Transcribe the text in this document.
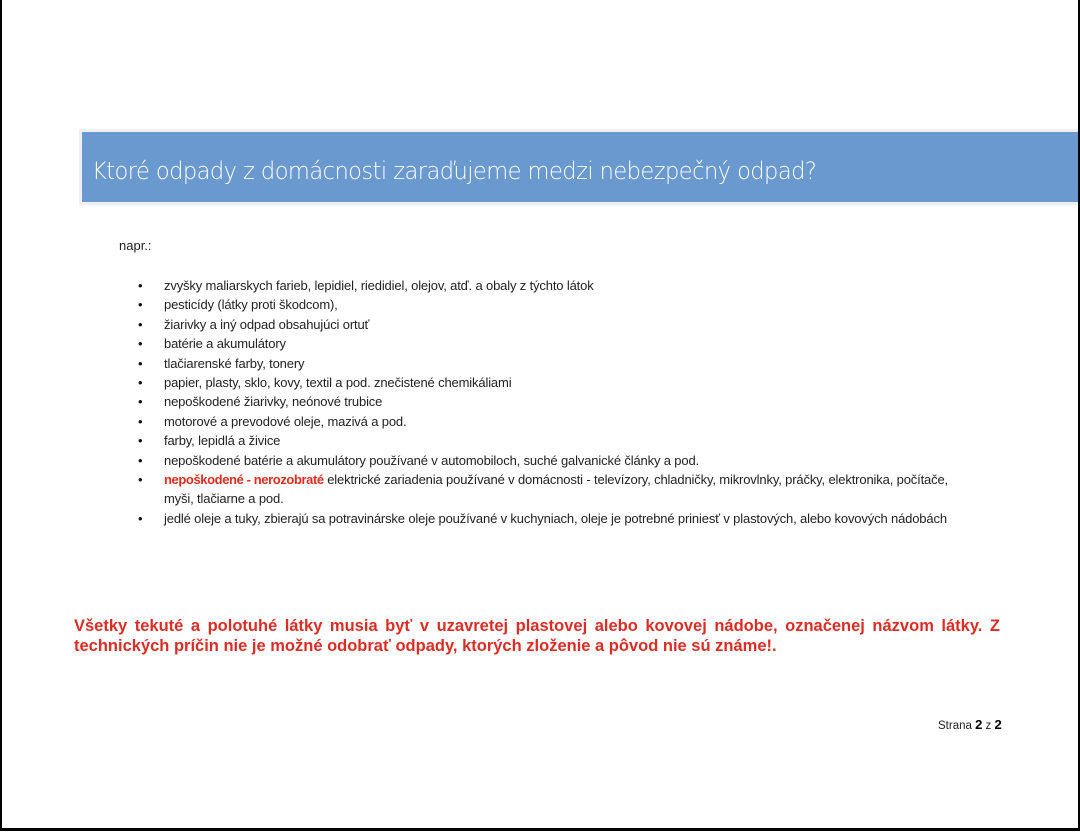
Ktoré odpady z domácnosti zaraďujeme medzi nebezpečný odpad?
napr.:
• zvyšky maliarskych farieb, lepidiel, riedidiel, olejov, atď. a obaly z týchto látok
• pesticídy (látky proti škodcom),
• žiarivky a iný odpad obsahujúci ortuť
• batérie a akumulátory
• tlačiarenské farby, tonery
• papier, plasty, sklo, kovy, textil a pod. znečistené chemikáliami
• nepoškodené žiarivky, neónové trubice
• motorové a prevodové oleje, mazivá a pod.
• farby, lepidlá a živice
• nepoškodené batérie a akumulátory používané v automobiloch, suché galvanické články a pod.
• nepoškodené - nerozobraté elektrické zariadenia používané v domácnosti - televízory, chladničky, mikrovlnky, práčky, elektronika, počítače, myši, tlačiarne a pod.
• jedlé oleje a tuky, zbierajú sa potravinárske oleje používané v kuchyniach, oleje je potrebné priniesť v plastových, alebo kovových nádobách
Všetky tekuté a polotuhé látky musia byť v uzavretej plastovej alebo kovovej nádobe, označenej názvom látky. Z technických príčin nie je možné odobrať odpady, ktorých zloženie a pôvod nie sú známe!.
Strana 2 z 2
